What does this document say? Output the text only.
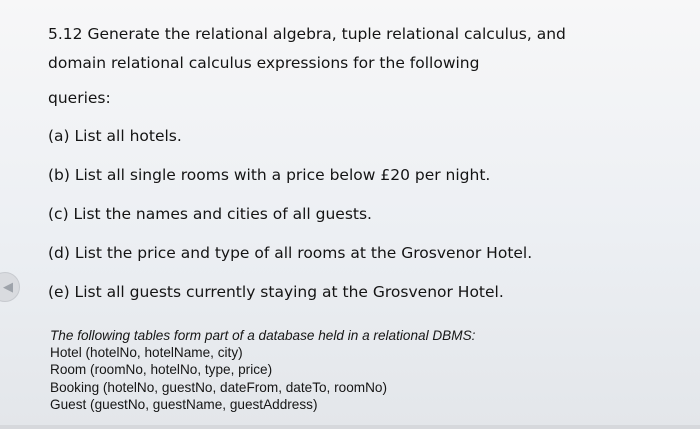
5.12 Generate the relational algebra, tuple relational calculus, and
domain relational calculus expressions for the following
queries:
(a) List all hotels.
(b) List all single rooms with a price below £20 per night.
(c) List the names and cities of all guests.
(d) List the price and type of all rooms at the Grosvenor Hotel.
(e) List all guests currently staying at the Grosvenor Hotel.
◀
The following tables form part of a database held in a relational DBMS:
Hotel (hotelNo, hotelName, city)
Room (roomNo, hotelNo, type, price)
Booking (hotelNo, guestNo, dateFrom, dateTo, roomNo)
Guest (guestNo, guestName, guestAddress)
